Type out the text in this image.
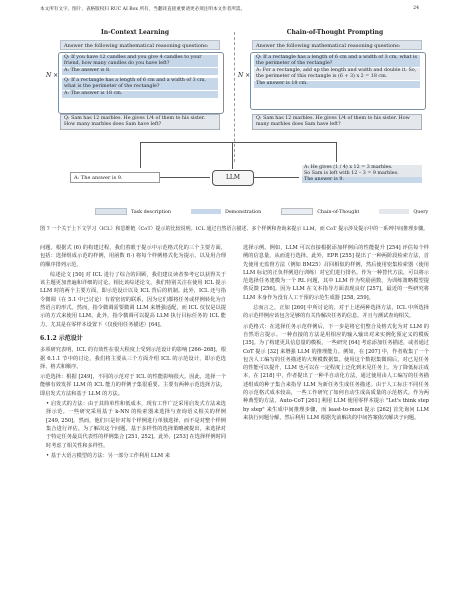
本文所有文字、图片、表格版权归 RUC AI Box 所有，当翻译直接重要请更必须注明本文作者所需。	24
In-Context Learning	Chain-of-Thought Prompting
Answer the following mathematical reasoning questions:
N ×
Q: If you have 12 candles and you give 4 candles to your friend, how many candles do you have left?
A: The answer is 8.
Q: If a rectangle has a length of 6 cm and a width of 3 cm, what is the perimeter of the rectangle?
A: The answer is 18 cm.
Q: Sam has 12 marbles. He gives 1/4 of them to his sister. How many marbles does Sam have left?
Answer the following mathematical reasoning questions:
N ×
Q: If a rectangle has a length of 6 cm and a width of 3 cm, what is the perimeter of the rectangle?
A: For a rectangle, add up the length and width and double it. So, the perimeter of this rectangle is (6 + 3) x 2 = 18 cm.
The answer is 18 cm.
Q: Sam has 12 marbles. He gives 1/4 of them to his sister. How many marbles does Sam have left?
LLM
A: The answer is 9.
A: He gives (1 / 4) x 12 = 3 marbles.
So Sam is left with 12 – 3 = 9 marbles.
The answer is 9.
Task description	Demonstration	Chain-of-Thought	Query
图 7 一个关于上下文学习（ICL）和思维链（CoT）提示的比较说明。ICL 通过自然语言描述、多个样例和查询来提示 LLM，而 CoT 提示涉及提示中的一系列中间推理步骤。

问题。根据式 (6) 的构建过程，我们着眼于提示中示范格式化的三个主要方面，包括：选择组成示范的样例，用函数 f(·) 将每个样例格式化为提示，以及用合理的顺序排列示范。

综述论文 [50] 对 ICL 进行了综合的回顾，我们建议读者参考它以获得关于该主题更加普遍和详细的讨论。相比该综述论文，我们特别关注在使用 ICL 提示 LLM 时的两个主要方面，即示范设计以及 ICL 背后的机制。此外，ICL 还与指令微调（在 5.1 中已讨论）有着密切的联系，因为它们都将任务或样例转化为自然语言的形式。然而，指令微调需要微调 LLM 来增强适配，而 ICL 仅仅是以提示的方式来使用 LLM。此外，指令微调可以提高 LLM 执行目标任务的 ICL 能力，尤其是在零样本设置下（仅使用任务描述）[64]。

6.1.2 示范设计

多项研究表明，ICL 的有效性在很大程度上受到示范设计的影响 [266–268]。根据 6.1.1 节中的讨论，我们将主要从三个方面介绍 ICL 的示范设计，即示范选择、格式和顺序。

示范选择：根据 [249]，不同的示范对于 ICL 的性能影响很大。因此，选择一个能够有效发挥 LLM 的 ICL 能力的样例子集很重要。主要有两种示范选择方法，即启发式方法和基于 LLM 的方法。

• 启发式的方法：由于其简单性和低成本，现有工作广泛采用启发式方法来选择示范。一些研究采用基于 k-NN 的检索器来选择与查询语义相关的样例 [249, 250]。然而，他们只是针对每个样例进行单独选择，而不是对整个样例集合进行评估。为了解决这个问题，基于多样性的选择策略被提出，来选择对于特定任务最具代表性的样例集合 [251, 252]。此外，[253] 在选择样例时同时考虑了相关性和多样性。

• 基于大语言模型的方法：另一部分工作利用 LLM 来

选择示例。例如，LLM 可以直接根据添加样例后的性能提升 [254] 评估每个样例的信息量，从而进行选择。此外，EPR [255] 提出了一种两阶段检索方法，首先使用无监督方法（例如 BM25）召回相似的样例，然后使用密集检索器（使用 LLM 标记的正负样例进行训练）对它们进行排名。作为一种替代方法，可以将示范选择任务建模为一个 RL 问题，其中 LLM 作为奖励函数，为训练策略模型提供反馈 [256]。因为 LLM 在文本指导方面表现良好 [257]，最近的一些研究将 LLM 本身作为没有人工干预的示范生成器 [258, 259]。

总而言之，正如 [260] 中所讨论的，对于上述两种选择方法，ICL 中所选择的示范样例应该包含足够的有关待解决任务的信息，并且与测试查询相关。

示范格式：在选择任务示范样例后，下一步是将它们整合及格式化为对 LLM 的自然语言提示。一种直接的方法是用相应的输入输出对来实例化预定义的模板 [35]。为了构建更具信息量的模板，一些研究 [64] 考虑添加任务描述，或者通过 CoT 提示 [32] 来增强 LLM 的推理能力。例如，在 [207] 中，作者收集了一个包含人工编写的任务描述的大规模数据集。使用这个数据集微调后，对已见任务的性能可以提升，LLM 也可以在一定程度上泛化到未见任务上。为了降低标注成本，在 [218] 中，作者提出了一种半自动化方法，通过使用由人工编写的任务描述组成的种子集合来指导 LLM 为新任务生成任务描述。由于人工标注不同任务的示范格式成本较高，一些工作研究了如何自动生成高质量的示范格式。作为两种典型的方法，Auto-CoT [261] 利用 LLM 使用零样本提示 "Let's think step by step" 来生成中间推理步骤，而 least-to-most 提示 [262] 首先询问 LLM 来执行问题分解，然后利用 LLM 根据先前解决的中间答案依次解决子问题。
